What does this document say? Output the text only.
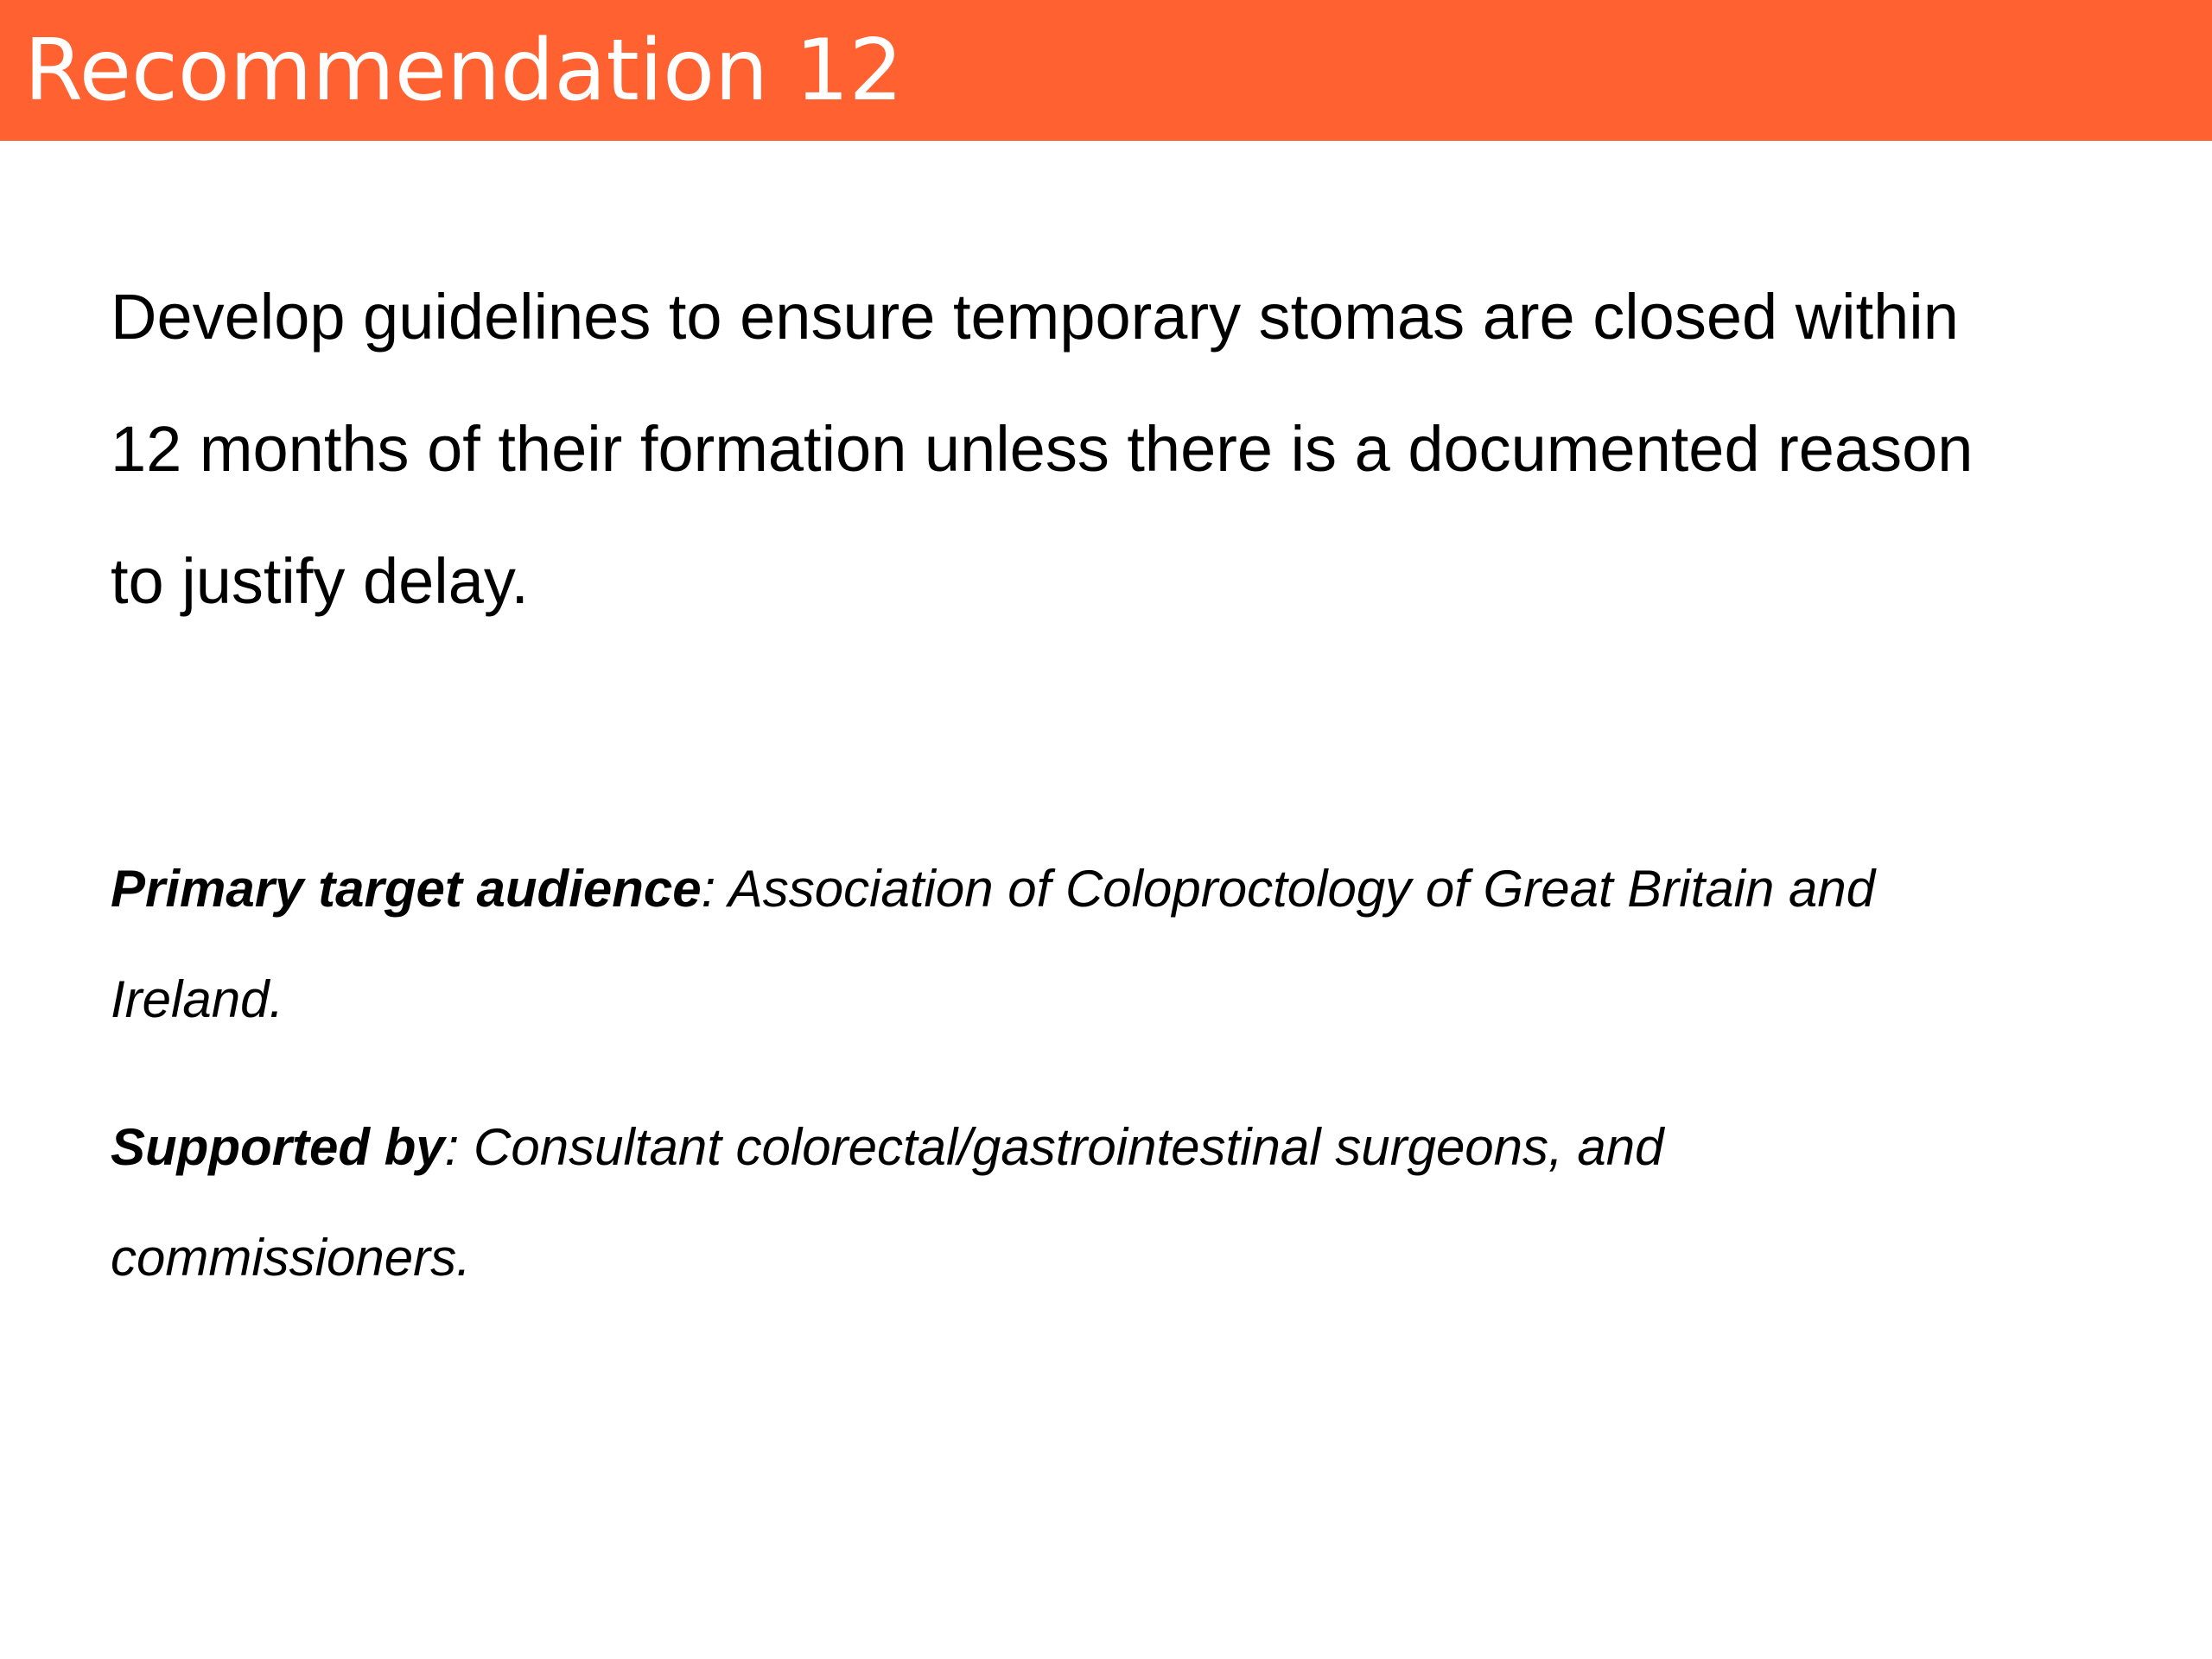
Recommendation 12
Develop guidelines to ensure temporary stomas are closed within
12 months of their formation unless there is a documented reason
to justify delay.
Primary target audience: Association of Coloproctology of Great Britain and
Ireland.
Supported by: Consultant colorectal/gastrointestinal surgeons, and
commissioners.
